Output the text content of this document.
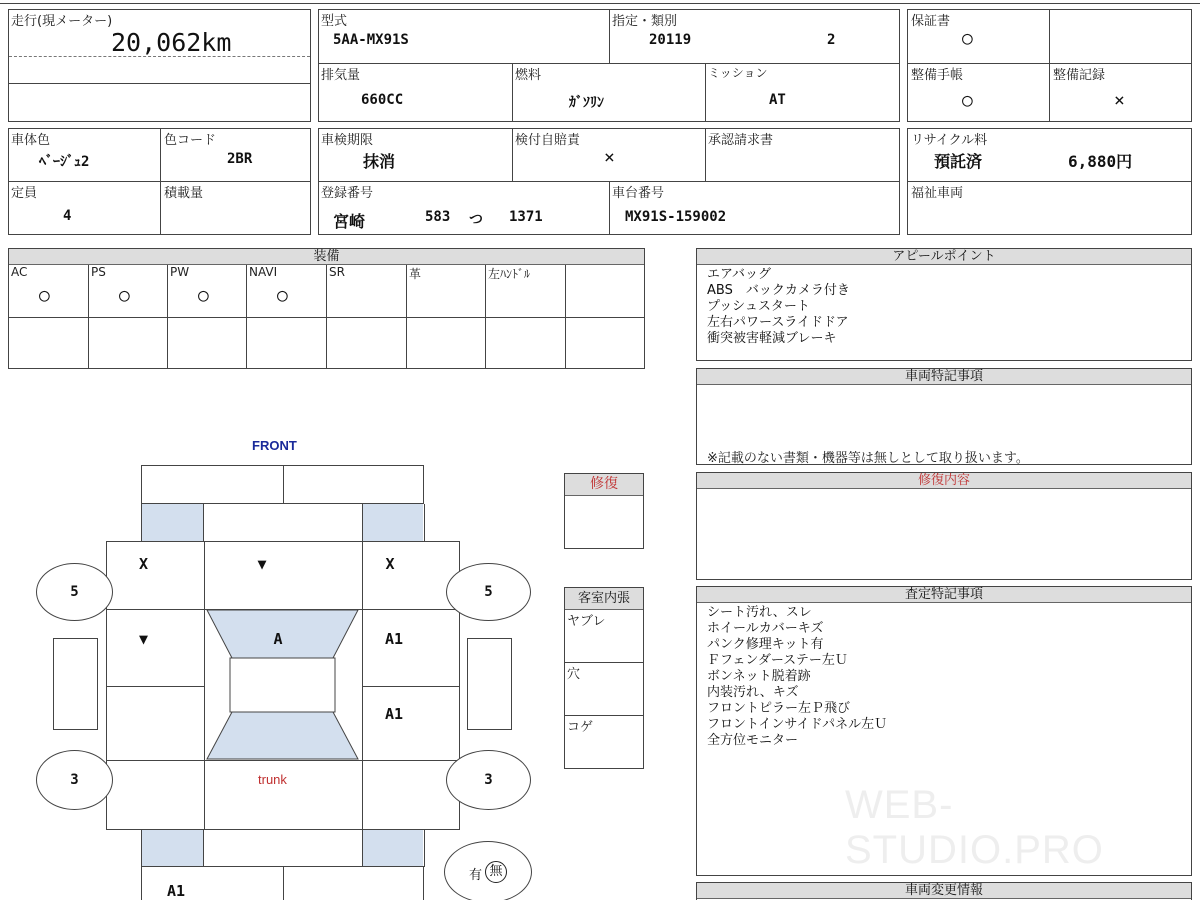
走行(現メーター)
20,062km
型式
5AA-MX91S
指定・類別
20119	2
排気量
660CC
燃料
ｶﾞｿﾘﾝ
ミッション
AT
保証書
○
整備手帳
○
整備記録
×
車体色
ﾍﾞｰｼﾞｭ2
色コード
2BR
定員
4
積載量
車検期限
抹消
検付自賠責
×
承認請求書
登録番号
宮崎	583 つ 1371
車台番号
MX91S-159002
リサイクル料
預託済	6,880円
福祉車両
装備
AC
○
PS
○
PW
○
NAVI
○
SR	革	左ﾊﾝﾄﾞﾙ
アピールポイント
エアバッグ
ABS　バックカメラ付き
プッシュスタート
左右パワースライドドア
衝突被害軽減ブレーキ
車両特記事項
※記載のない書類・機器等は無しとして取り扱います。
修復内容
査定特記事項
シート汚れ、スレ
ホイールカバーキズ
パンク修理キット有
Ｆフェンダーステー左Ｕ
ボンネット脱着跡
内装汚れ、キズ
フロントピラー左Ｐ飛び
フロントインサイドパネル左Ｕ
全方位モニター
WEB-STUDIO.PRO
車両変更情報
修復
客室内張
ヤブレ
穴
コゲ
FRONT
5	5
3	3
X	▼	X
▼	A	A1
A1
trunk
A1
有 無
